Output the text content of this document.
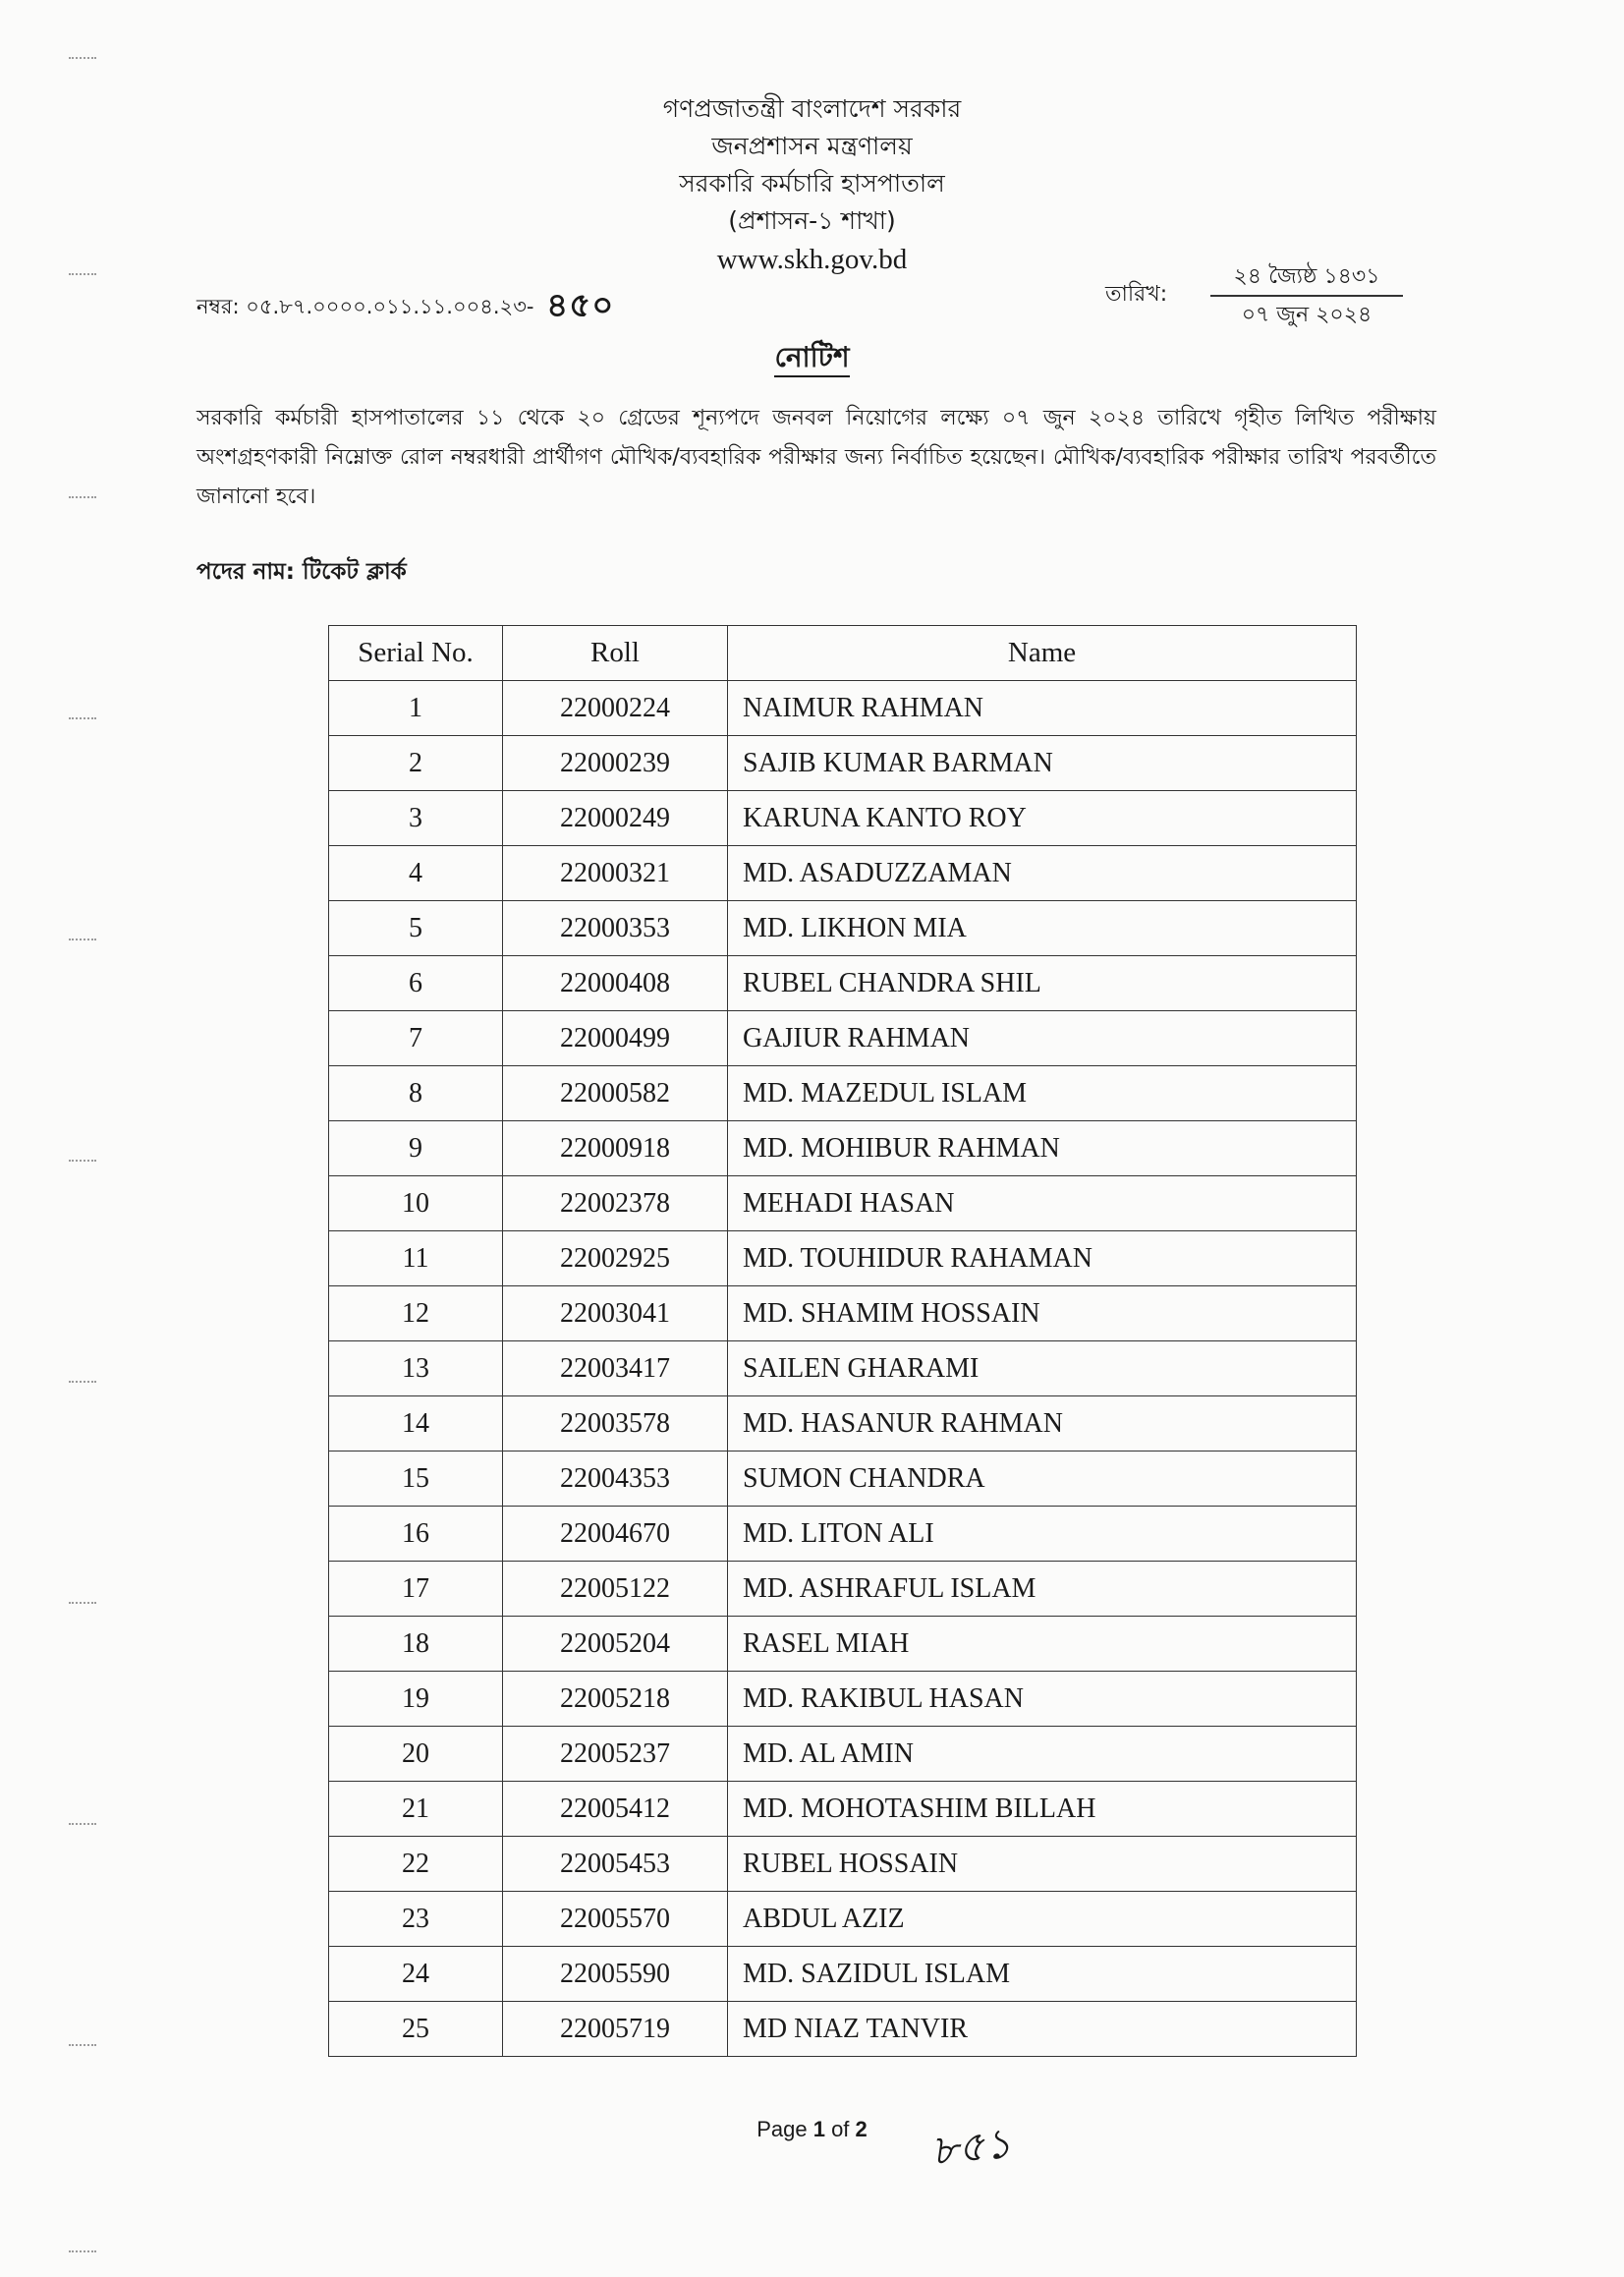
গণপ্রজাতন্ত্রী বাংলাদেশ সরকার
জনপ্রশাসন মন্ত্রণালয়
সরকারি কর্মচারি হাসপাতাল
(প্রশাসন-১ শাখা)
www.skh.gov.bd
নম্বর: ০৫.৮৭.০০০০.০১১.১১.০০৪.২৩- ৪৫০	তারিখ:
২৪ জ্যৈষ্ঠ ১৪৩১
০৭ জুন ২০২৪
নোটিশ
সরকারি কর্মচারী হাসপাতালের ১১ থেকে ২০ গ্রেডের শূন্যপদে জনবল নিয়োগের লক্ষ্যে ০৭ জুন ২০২৪ তারিখে গৃহীত লিখিত পরীক্ষায় অংশগ্রহণকারী নিম্নোক্ত রোল নম্বরধারী প্রার্থীগণ মৌখিক/ব্যবহারিক পরীক্ষার জন্য নির্বাচিত হয়েছেন। মৌখিক/ব্যবহারিক পরীক্ষার তারিখ পরবর্তীতে জানানো হবে।
পদের নাম: টিকেট ক্লার্ক
Serial No.	Roll	Name
1	22000224	NAIMUR RAHMAN
2	22000239	SAJIB KUMAR BARMAN
3	22000249	KARUNA KANTO ROY
4	22000321	MD. ASADUZZAMAN
5	22000353	MD. LIKHON MIA
6	22000408	RUBEL CHANDRA SHIL
7	22000499	GAJIUR RAHMAN
8	22000582	MD. MAZEDUL ISLAM
9	22000918	MD. MOHIBUR RAHMAN
10	22002378	MEHADI HASAN
11	22002925	MD. TOUHIDUR RAHAMAN
12	22003041	MD. SHAMIM HOSSAIN
13	22003417	SAILEN GHARAMI
14	22003578	MD. HASANUR RAHMAN
15	22004353	SUMON CHANDRA
16	22004670	MD. LITON ALI
17	22005122	MD. ASHRAFUL ISLAM
18	22005204	RASEL MIAH
19	22005218	MD. RAKIBUL HASAN
20	22005237	MD. AL AMIN
21	22005412	MD. MOHOTASHIM BILLAH
22	22005453	RUBEL HOSSAIN
23	22005570	ABDUL AZIZ
24	22005590	MD. SAZIDUL ISLAM
25	22005719	MD NIAZ TANVIR
Page 1 of 2	৮৫১
